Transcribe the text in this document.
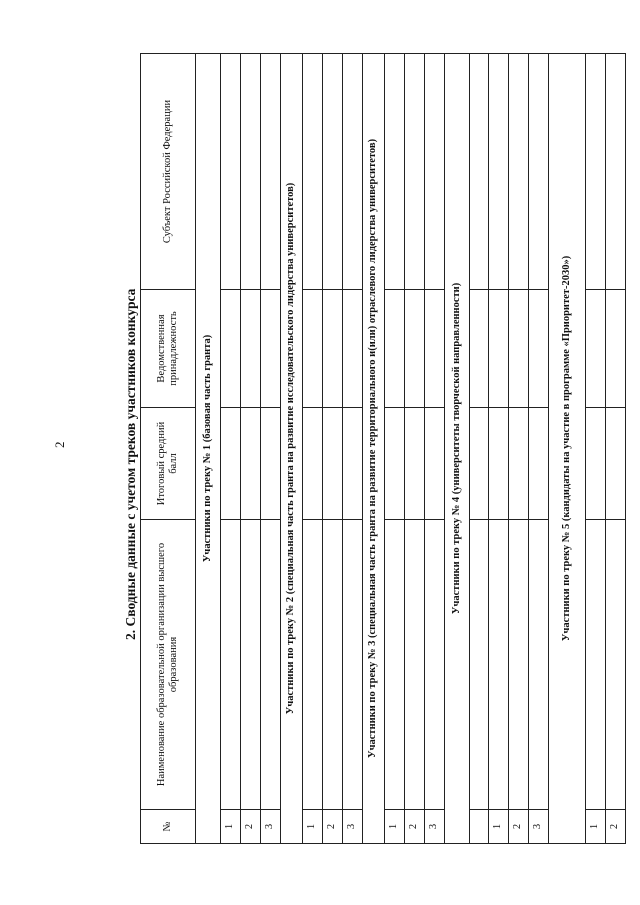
2	2. Сводные данные с учетом треков участников конкурса
№	Наименование образовательной организации высшего образования	Итоговый средний балл	Ведомственная принадлежность	Субъект Российской Федерации
Участники по треку № 1 (базовая часть гранта)				
1				
2				
3				
Участники по треку № 2 (специальная часть гранта на развитие исследовательского лидерства университетов)				
1				
2				
3				
Участники по треку № 3 (специальная часть гранта на развитие территориального и(или) отраслевого лидерства университетов)				
1				
2				
3				
Участники по треку № 4 (университеты творческой направленности)				

1				
2				
3				
Участники по треку № 5 (кандидаты на участие в программе «Приоритет-2030»)				
1				
2				
